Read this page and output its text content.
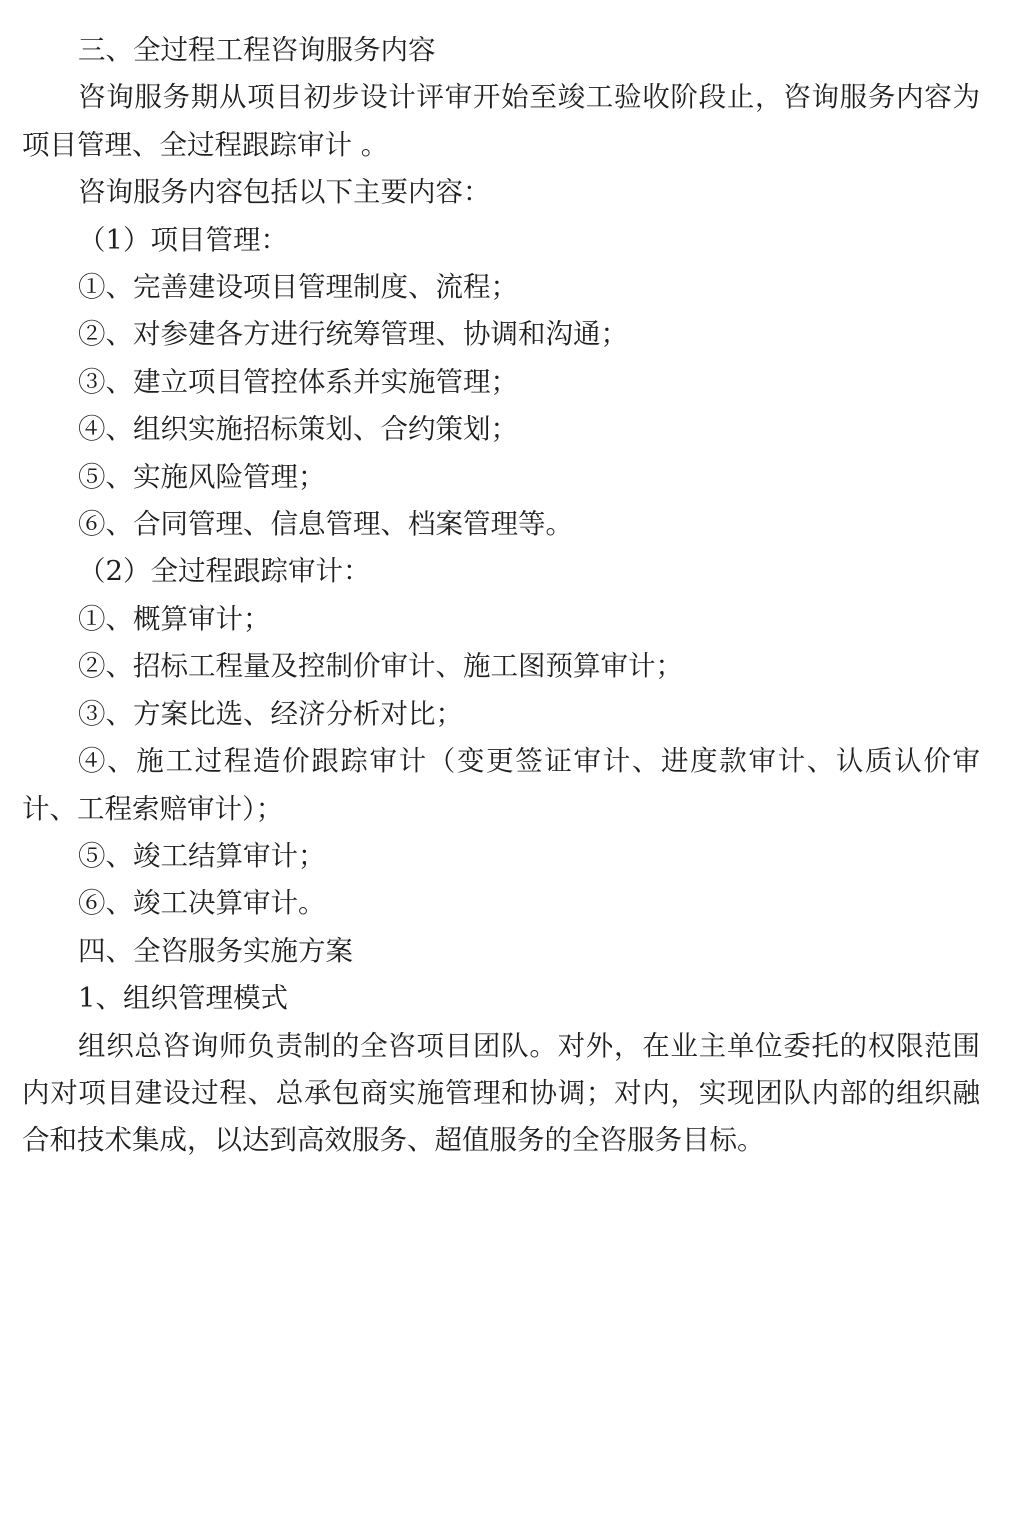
三、全过程工程咨询服务内容

咨询服务期从项目初步设计评审开始至竣工验收阶段止，咨询服务内容为项目管理、全过程跟踪审计 。

咨询服务内容包括以下主要内容：

（1）项目管理：

①、完善建设项目管理制度、流程；

②、对参建各方进行统筹管理、协调和沟通；

③、建立项目管控体系并实施管理；

④、组织实施招标策划、合约策划；

⑤、实施风险管理；

⑥、合同管理、信息管理、档案管理等。

（2）全过程跟踪审计：

①、概算审计；

②、招标工程量及控制价审计、施工图预算审计；

③、方案比选、经济分析对比；

④、施工过程造价跟踪审计（变更签证审计、进度款审计、认质认价审计、工程索赔审计）；

⑤、竣工结算审计；

⑥、竣工决算审计。

四、全咨服务实施方案

1、组织管理模式

组织总咨询师负责制的全咨项目团队。对外，在业主单位委托的权限范围内对项目建设过程、总承包商实施管理和协调；对内，实现团队内部的组织融合和技术集成，以达到高效服务、超值服务的全咨服务目标。
